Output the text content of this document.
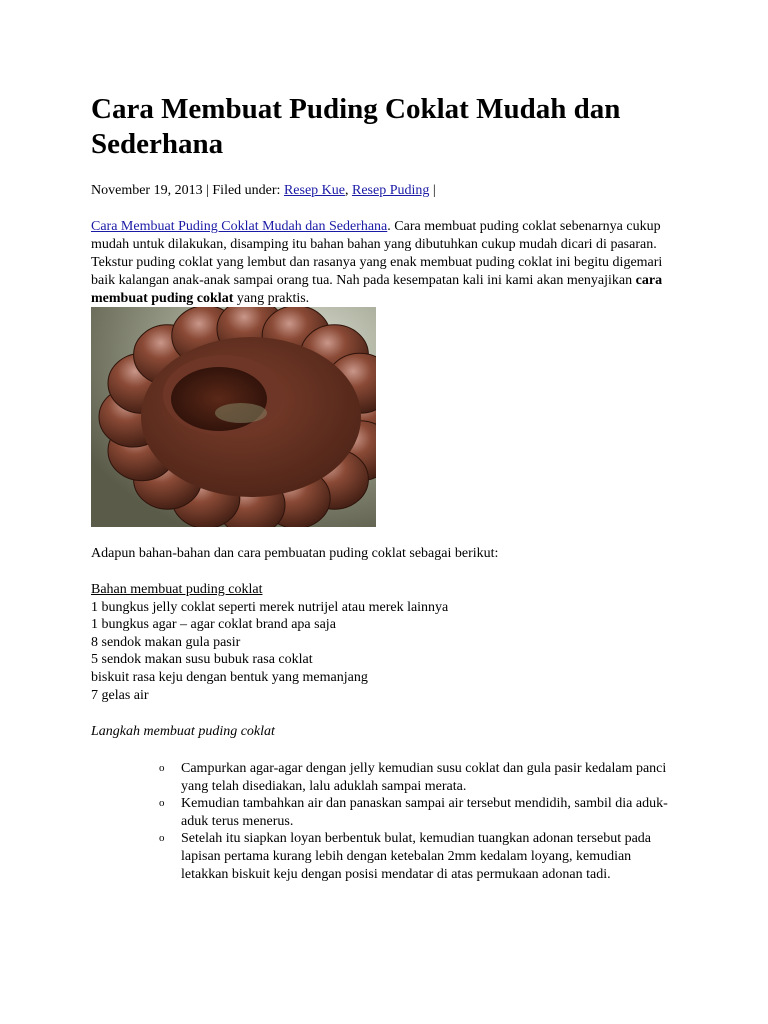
Cara Membuat Puding Coklat Mudah dan Sederhana
November 19, 2013 | Filed under: Resep Kue, Resep Puding |

Cara Membuat Puding Coklat Mudah dan Sederhana. Cara membuat puding coklat sebenarnya cukup mudah untuk dilakukan, disamping itu bahan bahan yang dibutuhkan cukup mudah dicari di pasaran. Tekstur puding coklat yang lembut dan rasanya yang enak membuat puding coklat ini begitu digemari baik kalangan anak-anak sampai orang tua. Nah pada kesempatan kali ini kami akan menyajikan cara membuat puding coklat yang praktis.

Adapun bahan-bahan dan cara pembuatan puding coklat sebagai berikut:
Bahan membuat puding coklat
1 bungkus jelly coklat seperti merek nutrijel atau merek lainnya
1 bungkus agar – agar coklat brand apa saja
8 sendok makan gula pasir
5 sendok makan susu bubuk rasa coklat
biskuit rasa keju dengan bentuk yang memanjang
7 gelas air
Langkah membuat puding coklat
o Campurkan agar-agar dengan jelly kemudian susu coklat dan gula pasir kedalam panci yang telah disediakan, lalu aduklah sampai merata.
o Kemudian tambahkan air dan panaskan sampai air tersebut mendidih, sambil dia aduk-aduk terus menerus.
o Setelah itu siapkan loyan berbentuk bulat, kemudian tuangkan adonan tersebut pada lapisan pertama kurang lebih dengan ketebalan 2mm kedalam loyang, kemudian letakkan biskuit keju dengan posisi mendatar di atas permukaan adonan tadi.
